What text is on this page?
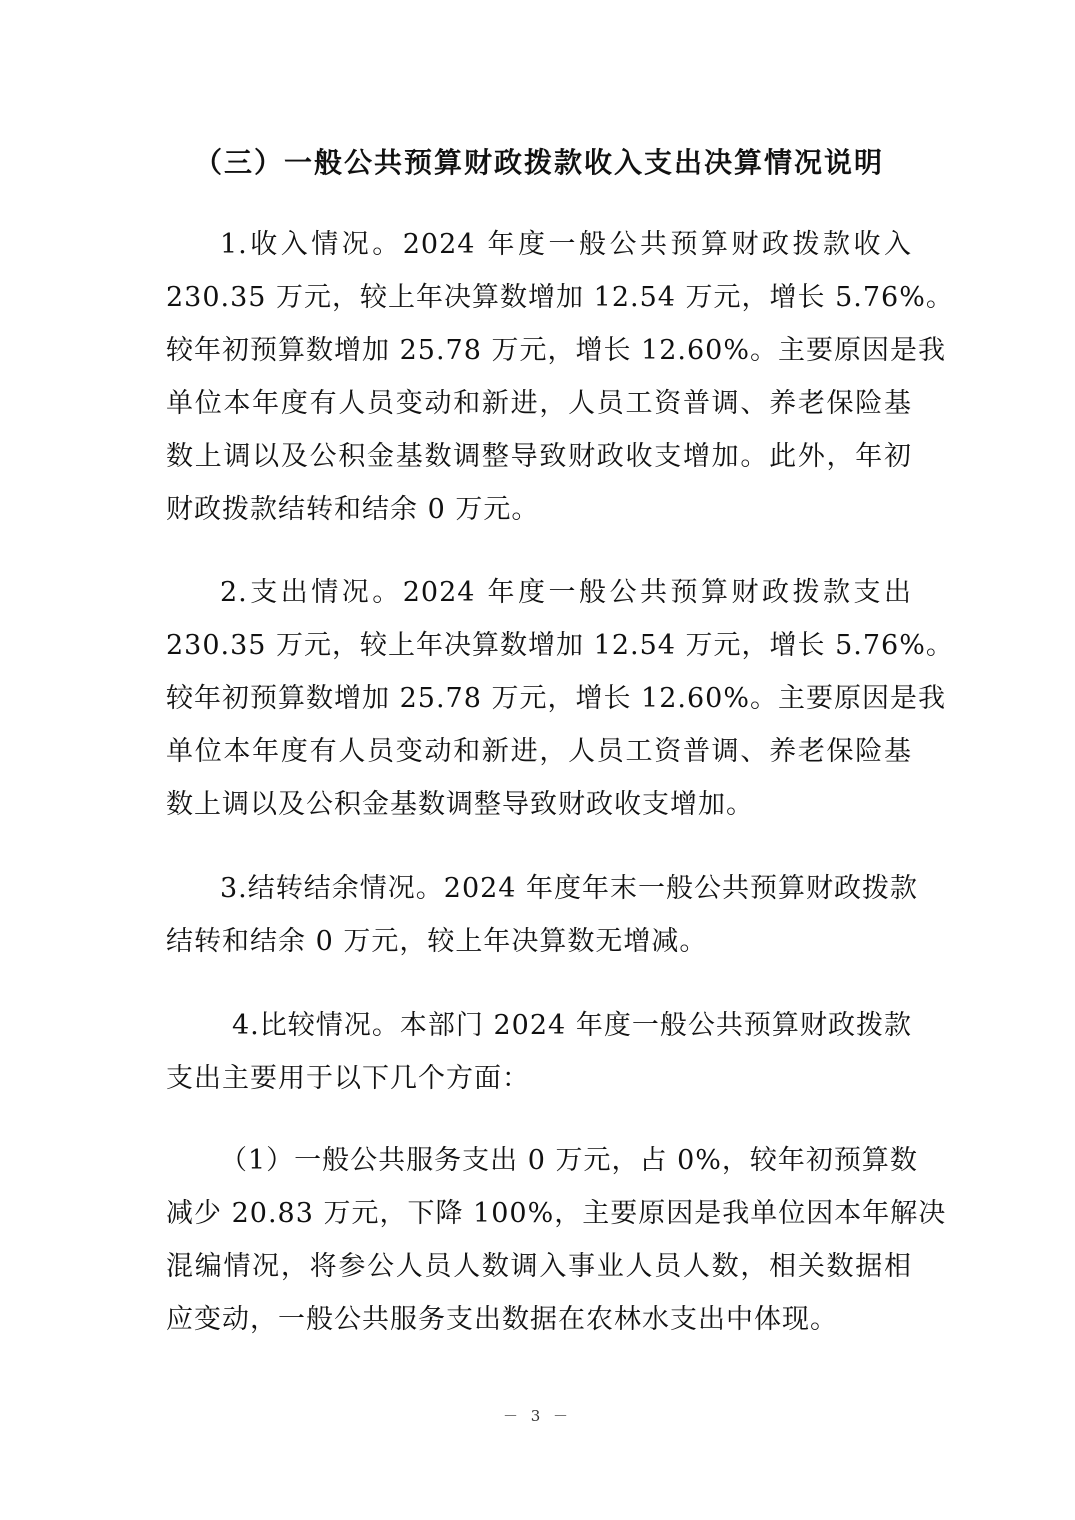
（三）一般公共预算财政拨款收入支出决算情况说明
1.收入情况。2024 年度一般公共预算财政拨款收入
230.35 万元，较上年决算数增加 12.54 万元，增长 5.76%。
较年初预算数增加 25.78 万元，增长 12.60%。主要原因是我
单位本年度有人员变动和新进，人员工资普调、养老保险基
数上调以及公积金基数调整导致财政收支增加。此外，年初
财政拨款结转和结余 0 万元。
2.支出情况。2024 年度一般公共预算财政拨款支出
230.35 万元，较上年决算数增加 12.54 万元，增长 5.76%。
较年初预算数增加 25.78 万元，增长 12.60%。主要原因是我
单位本年度有人员变动和新进，人员工资普调、养老保险基
数上调以及公积金基数调整导致财政收支增加。
3.结转结余情况。2024 年度年末一般公共预算财政拨款
结转和结余 0 万元，较上年决算数无增减。
4.比较情况。本部门 2024 年度一般公共预算财政拨款
支出主要用于以下几个方面：
（1）一般公共服务支出 0 万元，占 0%，较年初预算数
减少 20.83 万元，下降 100%，主要原因是我单位因本年解决
混编情况，将参公人员人数调入事业人员人数，相关数据相
应变动，一般公共服务支出数据在农林水支出中体现。
－ 3 －
